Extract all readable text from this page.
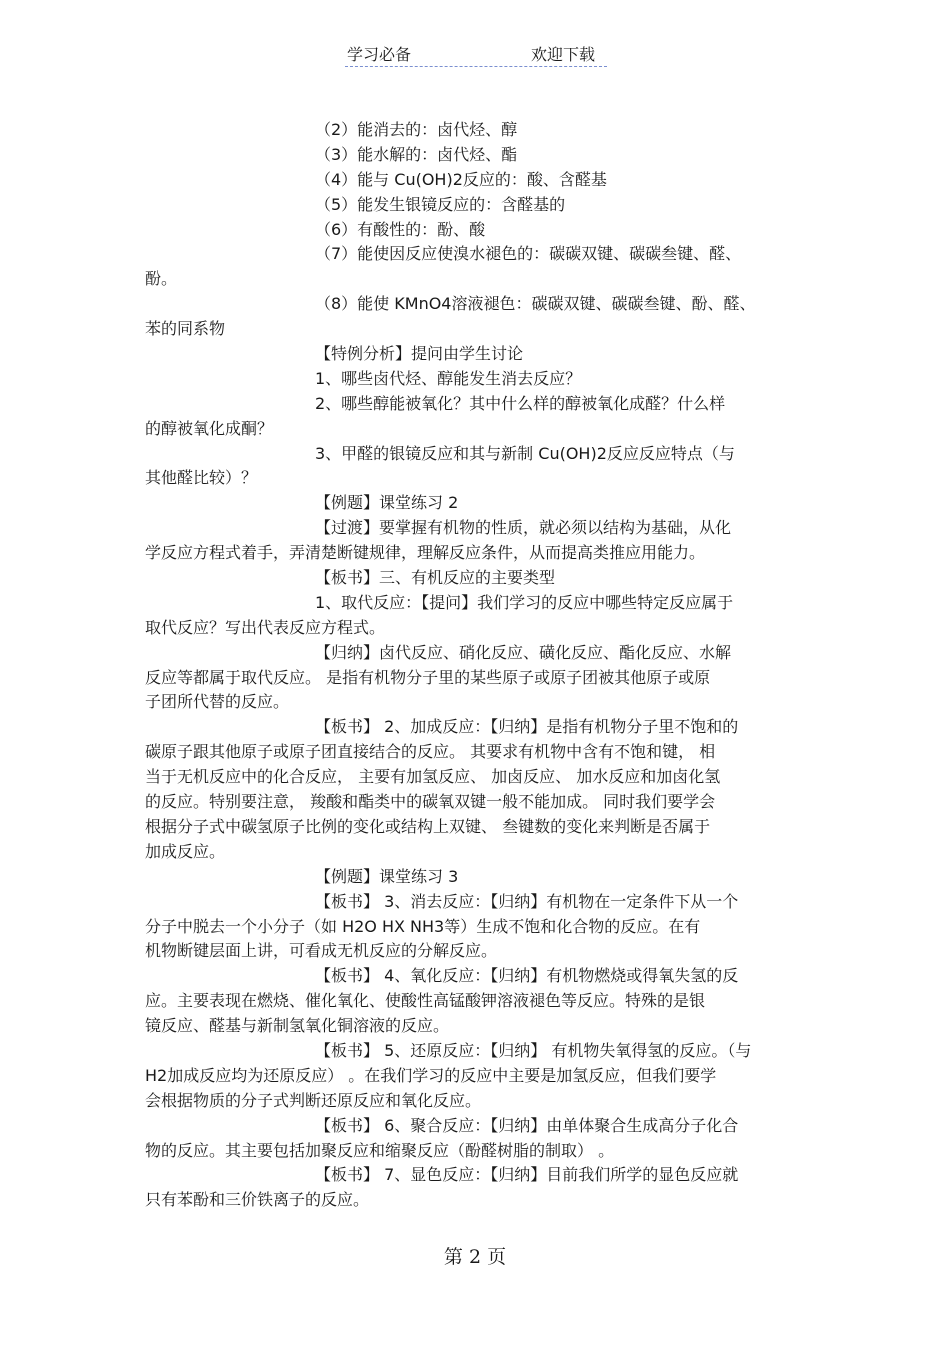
学习必备	欢迎下载
（2）能消去的：卤代烃、醇
（3）能水解的：卤代烃、酯
（4）能与 Cu(OH)2反应的：酸、含醛基
（5）能发生银镜反应的：含醛基的
（6）有酸性的：酚、酸
（7）能使因反应使溴水褪色的：碳碳双键、碳碳叁键、醛、
酚。
（8）能使 KMnO4溶液褪色：碳碳双键、碳碳叁键、酚、醛、
苯的同系物
【特例分析】提问由学生讨论
1、哪些卤代烃、醇能发生消去反应？
2、哪些醇能被氧化？其中什么样的醇被氧化成醛？什么样
的醇被氧化成酮？
3、甲醛的银镜反应和其与新制 Cu(OH)2反应反应特点（与
其他醛比较）？
【例题】课堂练习 2
【过渡】要掌握有机物的性质，就必须以结构为基础，从化
学反应方程式着手，弄清楚断键规律，理解反应条件，从而提高类推应用能力。
【板书】三、有机反应的主要类型
1、取代反应：【提问】我们学习的反应中哪些特定反应属于
取代反应？写出代表反应方程式。
【归纳】卤代反应、硝化反应、磺化反应、酯化反应、水解
反应等都属于取代反应。 是指有机物分子里的某些原子或原子团被其他原子或原
子团所代替的反应。
【板书】 2、加成反应：【归纳】是指有机物分子里不饱和的
碳原子跟其他原子或原子团直接结合的反应。 其要求有机物中含有不饱和键， 相
当于无机反应中的化合反应， 主要有加氢反应、 加卤反应、 加水反应和加卤化氢
的反应。特别要注意， 羧酸和酯类中的碳氧双键一般不能加成。 同时我们要学会
根据分子式中碳氢原子比例的变化或结构上双键、 叁键数的变化来判断是否属于
加成反应。
【例题】课堂练习 3
【板书】 3、消去反应：【归纳】有机物在一定条件下从一个
分子中脱去一个小分子（如 H2O HX NH3等）生成不饱和化合物的反应。在有
机物断键层面上讲，可看成无机反应的分解反应。
【板书】 4、氧化反应：【归纳】有机物燃烧或得氧失氢的反
应。主要表现在燃烧、催化氧化、使酸性高锰酸钾溶液褪色等反应。特殊的是银
镜反应、醛基与新制氢氧化铜溶液的反应。
【板书】 5、还原反应：【归纳】 有机物失氧得氢的反应。（与
H2加成反应均为还原反应） 。在我们学习的反应中主要是加氢反应，但我们要学
会根据物质的分子式判断还原反应和氧化反应。
【板书】 6、聚合反应：【归纳】由单体聚合生成高分子化合
物的反应。其主要包括加聚反应和缩聚反应（酚醛树脂的制取） 。
【板书】 7、显色反应：【归纳】目前我们所学的显色反应就
只有苯酚和三价铁离子的反应。
第 2 页
